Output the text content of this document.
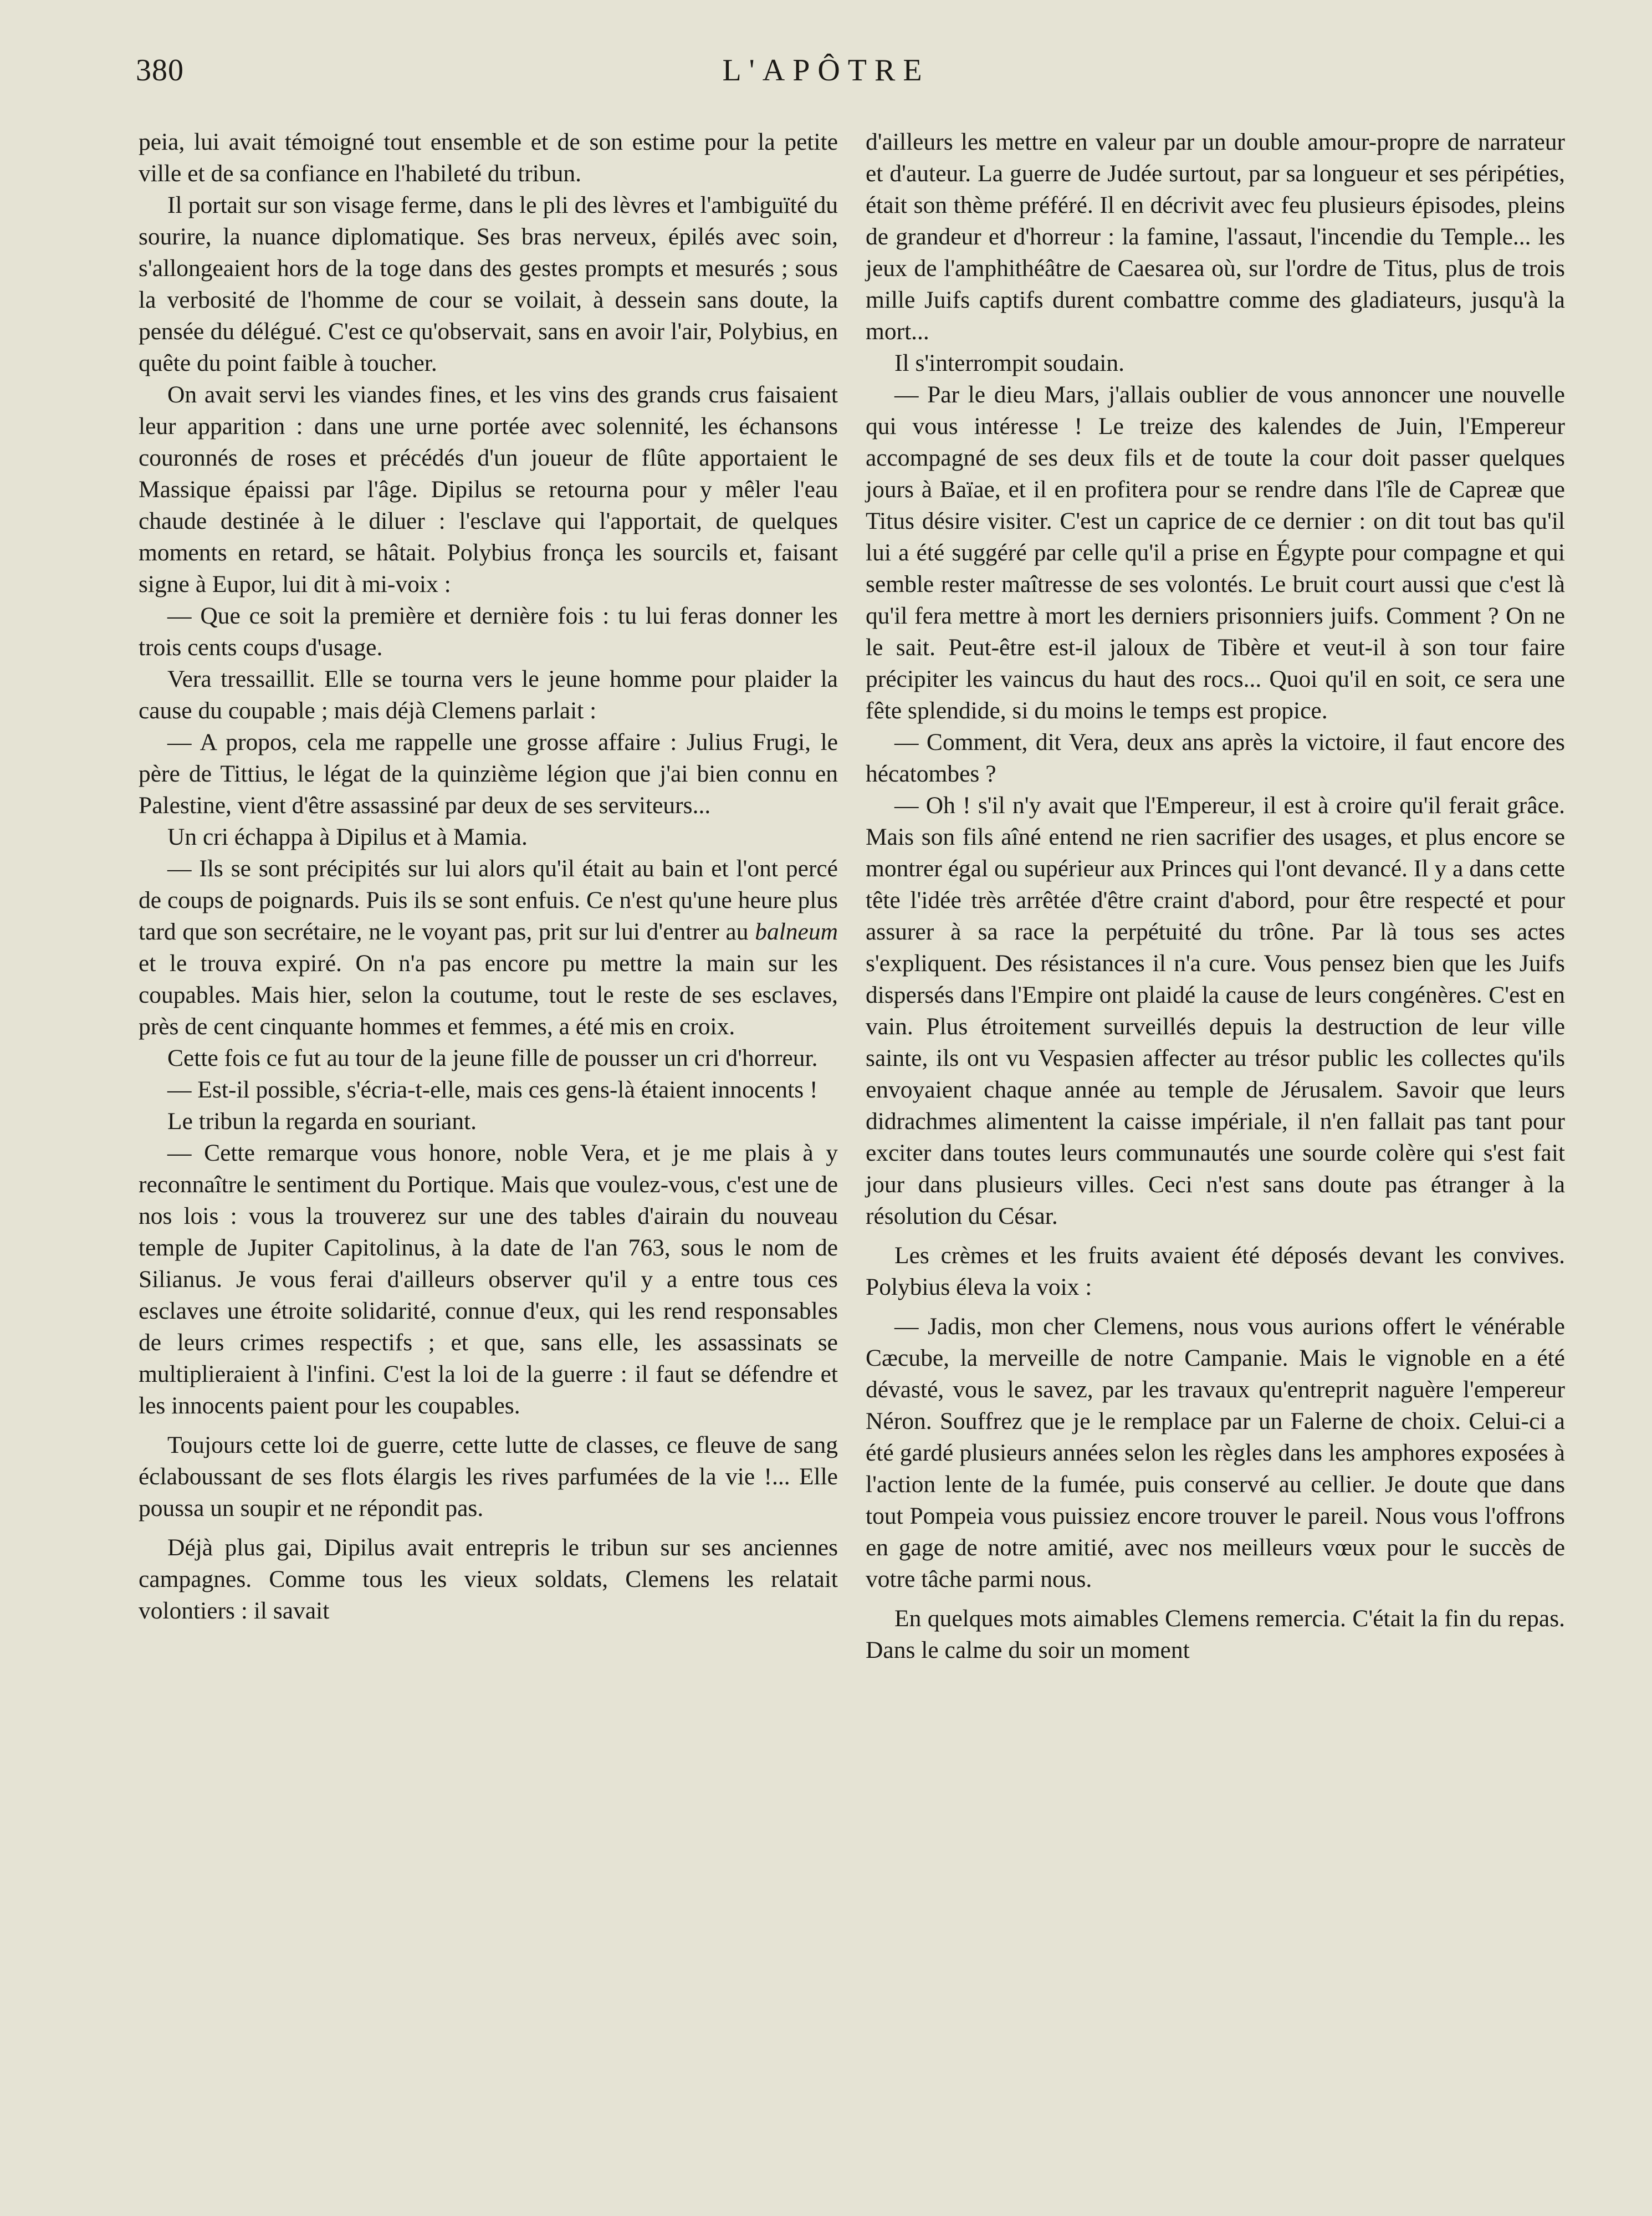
380	L'APÔTRE

peia, lui avait témoigné tout ensemble et de son estime pour la petite ville et de sa confiance en l'habileté du tribun.

Il portait sur son visage ferme, dans le pli des lèvres et l'ambiguïté du sourire, la nuance diplomatique. Ses bras nerveux, épilés avec soin, s'allongeaient hors de la toge dans des gestes prompts et mesurés ; sous la verbosité de l'homme de cour se voilait, à dessein sans doute, la pensée du délégué. C'est ce qu'observait, sans en avoir l'air, Polybius, en quête du point faible à toucher.

On avait servi les viandes fines, et les vins des grands crus faisaient leur apparition : dans une urne portée avec solennité, les échansons couronnés de roses et précédés d'un joueur de flûte apportaient le Massique épaissi par l'âge. Dipilus se retourna pour y mêler l'eau chaude destinée à le diluer : l'esclave qui l'apportait, de quelques moments en retard, se hâtait. Polybius fronça les sourcils et, faisant signe à Eupor, lui dit à mi-voix :

— Que ce soit la première et dernière fois : tu lui feras donner les trois cents coups d'usage.

Vera tressaillit. Elle se tourna vers le jeune homme pour plaider la cause du coupable ; mais déjà Clemens parlait :

— A propos, cela me rappelle une grosse affaire : Julius Frugi, le père de Tittius, le légat de la quinzième légion que j'ai bien connu en Palestine, vient d'être assassiné par deux de ses serviteurs...

Un cri échappa à Dipilus et à Mamia.

— Ils se sont précipités sur lui alors qu'il était au bain et l'ont percé de coups de poignards. Puis ils se sont enfuis. Ce n'est qu'une heure plus tard que son secrétaire, ne le voyant pas, prit sur lui d'entrer au balneum et le trouva expiré. On n'a pas encore pu mettre la main sur les coupables. Mais hier, selon la coutume, tout le reste de ses esclaves, près de cent cinquante hommes et femmes, a été mis en croix.

Cette fois ce fut au tour de la jeune fille de pousser un cri d'horreur.

— Est-il possible, s'écria-t-elle, mais ces gens-là étaient innocents !

Le tribun la regarda en souriant.

— Cette remarque vous honore, noble Vera, et je me plais à y reconnaître le sentiment du Portique. Mais que voulez-vous, c'est une de nos lois : vous la trouverez sur une des tables d'airain du nouveau temple de Jupiter Capitolinus, à la date de l'an 763, sous le nom de Silianus. Je vous ferai d'ailleurs observer qu'il y a entre tous ces esclaves une étroite solidarité, connue d'eux, qui les rend responsables de leurs crimes respectifs ; et que, sans elle, les assassinats se multiplieraient à l'infini. C'est la loi de la guerre : il faut se défendre et les innocents paient pour les coupables.

Toujours cette loi de guerre, cette lutte de classes, ce fleuve de sang éclaboussant de ses flots élargis les rives parfumées de la vie !... Elle poussa un soupir et ne répondit pas.

Déjà plus gai, Dipilus avait entrepris le tribun sur ses anciennes campagnes. Comme tous les vieux soldats, Clemens les relatait volontiers : il savait

d'ailleurs les mettre en valeur par un double amour-propre de narrateur et d'auteur. La guerre de Judée surtout, par sa longueur et ses péripéties, était son thème préféré. Il en décrivit avec feu plusieurs épisodes, pleins de grandeur et d'horreur : la famine, l'assaut, l'incendie du Temple... les jeux de l'amphithéâtre de Caesarea où, sur l'ordre de Titus, plus de trois mille Juifs captifs durent combattre comme des gladiateurs, jusqu'à la mort...

Il s'interrompit soudain.

— Par le dieu Mars, j'allais oublier de vous annoncer une nouvelle qui vous intéresse ! Le treize des kalendes de Juin, l'Empereur accompagné de ses deux fils et de toute la cour doit passer quelques jours à Baïae, et il en profitera pour se rendre dans l'île de Capreæ que Titus désire visiter. C'est un caprice de ce dernier : on dit tout bas qu'il lui a été suggéré par celle qu'il a prise en Égypte pour compagne et qui semble rester maîtresse de ses volontés. Le bruit court aussi que c'est là qu'il fera mettre à mort les derniers prisonniers juifs. Comment ? On ne le sait. Peut-être est-il jaloux de Tibère et veut-il à son tour faire précipiter les vaincus du haut des rocs... Quoi qu'il en soit, ce sera une fête splendide, si du moins le temps est propice.

— Comment, dit Vera, deux ans après la victoire, il faut encore des hécatombes ?

— Oh ! s'il n'y avait que l'Empereur, il est à croire qu'il ferait grâce. Mais son fils aîné entend ne rien sacrifier des usages, et plus encore se montrer égal ou supérieur aux Princes qui l'ont devancé. Il y a dans cette tête l'idée très arrêtée d'être craint d'abord, pour être respecté et pour assurer à sa race la perpétuité du trône. Par là tous ses actes s'expliquent. Des résistances il n'a cure. Vous pensez bien que les Juifs dispersés dans l'Empire ont plaidé la cause de leurs congénères. C'est en vain. Plus étroitement surveillés depuis la destruction de leur ville sainte, ils ont vu Vespasien affecter au trésor public les collectes qu'ils envoyaient chaque année au temple de Jérusalem. Savoir que leurs didrachmes alimentent la caisse impériale, il n'en fallait pas tant pour exciter dans toutes leurs communautés une sourde colère qui s'est fait jour dans plusieurs villes. Ceci n'est sans doute pas étranger à la résolution du César.

Les crèmes et les fruits avaient été déposés devant les convives. Polybius éleva la voix :

— Jadis, mon cher Clemens, nous vous aurions offert le vénérable Cæcube, la merveille de notre Campanie. Mais le vignoble en a été dévasté, vous le savez, par les travaux qu'entreprit naguère l'empereur Néron. Souffrez que je le remplace par un Falerne de choix. Celui-ci a été gardé plusieurs années selon les règles dans les amphores exposées à l'action lente de la fumée, puis conservé au cellier. Je doute que dans tout Pompeia vous puissiez encore trouver le pareil. Nous vous l'offrons en gage de notre amitié, avec nos meilleurs vœux pour le succès de votre tâche parmi nous.

En quelques mots aimables Clemens remercia. C'était la fin du repas. Dans le calme du soir un moment
